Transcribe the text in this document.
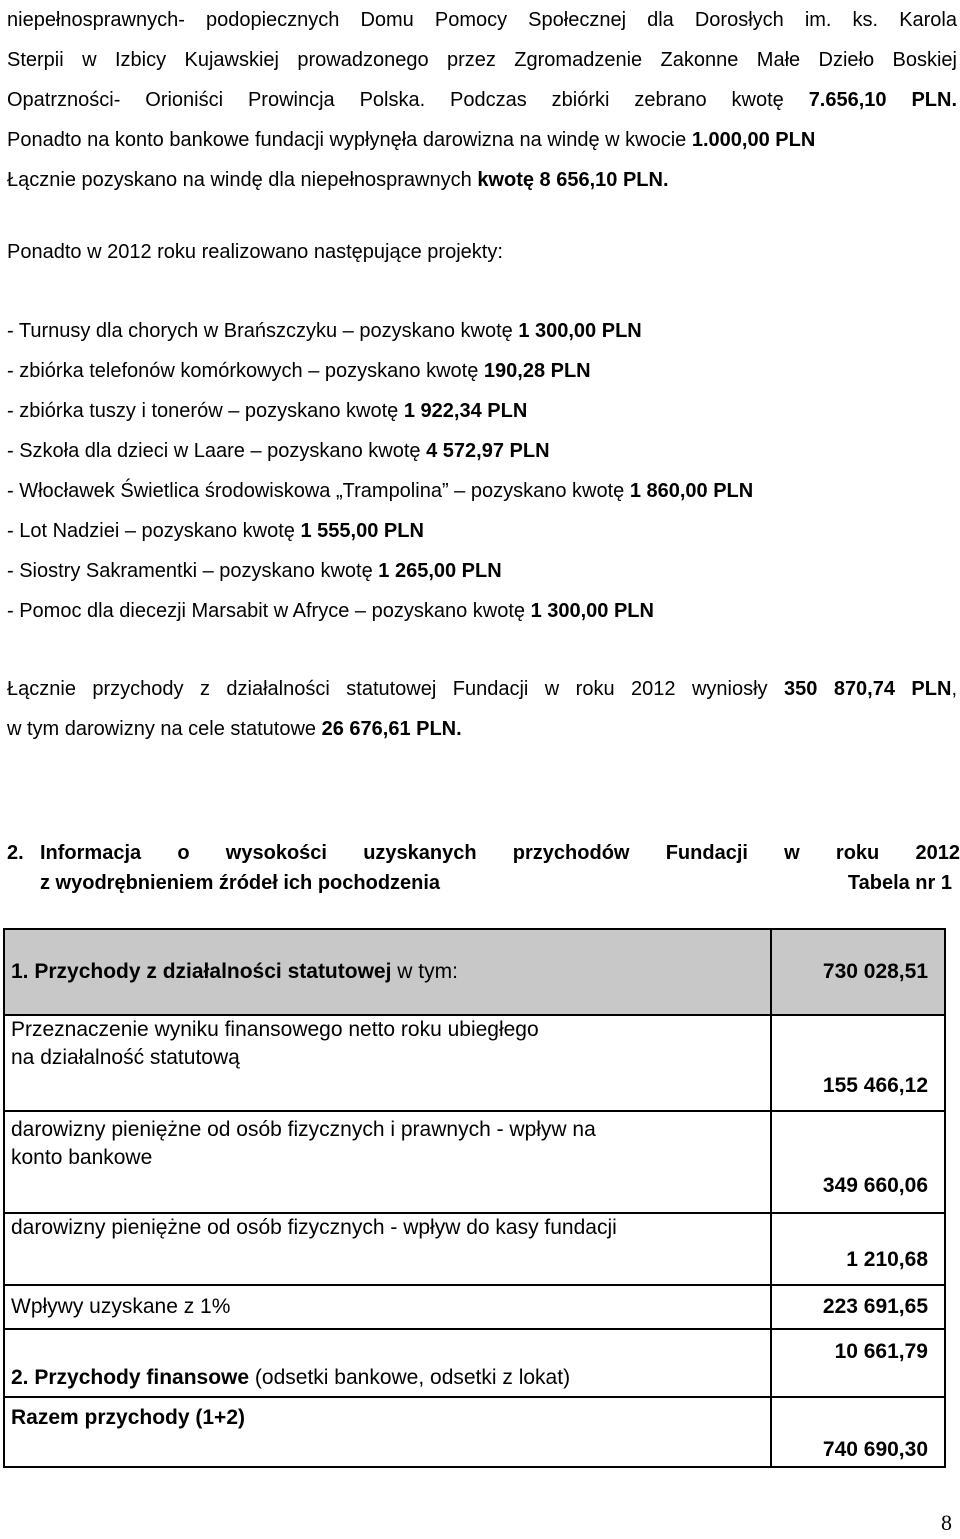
niepełnosprawnych- podopiecznych Domu Pomocy Społecznej dla Dorosłych im. ks. Karola

Sterpii w Izbicy Kujawskiej prowadzonego przez Zgromadzenie Zakonne Małe Dzieło Boskiej

Opatrzności- Orioniści Prowincja Polska. Podczas zbiórki zebrano kwotę 7.656,10 PLN.

Ponadto na konto bankowe fundacji wypłynęła darowizna na windę w kwocie 1.000,00 PLN

Łącznie pozyskano na windę dla niepełnosprawnych kwotę 8 656,10 PLN.

Ponadto w 2012 roku realizowano następujące projekty:

- Turnusy dla chorych w Brańszczyku – pozyskano kwotę 1 300,00 PLN

- zbiórka telefonów komórkowych – pozyskano kwotę 190,28 PLN

- zbiórka tuszy i tonerów – pozyskano kwotę 1 922,34 PLN

- Szkoła dla dzieci w Laare – pozyskano kwotę 4 572,97 PLN

- Włocławek Świetlica środowiskowa „Trampolina” – pozyskano kwotę 1 860,00 PLN

- Lot Nadziei – pozyskano kwotę 1 555,00 PLN

- Siostry Sakramentki – pozyskano kwotę 1 265,00 PLN

- Pomoc dla diecezji Marsabit w Afryce – pozyskano kwotę 1 300,00 PLN

Łącznie przychody z działalności statutowej Fundacji w roku 2012 wyniosły 350 870,74 PLN,

w tym darowizny na cele statutowe 26 676,61 PLN.

2. Informacja o wysokości uzyskanych przychodów Fundacji w roku 2012
z wyodrębnieniem źródeł ich pochodzenia	Tabela nr 1
1. Przychody z działalności statutowej w tym:	730 028,51
Przeznaczenie wyniku finansowego netto roku ubiegłego
na działalność statutową	155 466,12
darowizny pieniężne od osób fizycznych i prawnych - wpływ na
konto bankowe	349 660,06
darowizny pieniężne od osób fizycznych - wpływ do kasy fundacji	1 210,68
Wpływy uzyskane z 1%	223 691,65
2. Przychody finansowe (odsetki bankowe, odsetki z lokat)	10 661,79
Razem przychody (1+2)	740 690,30
8
